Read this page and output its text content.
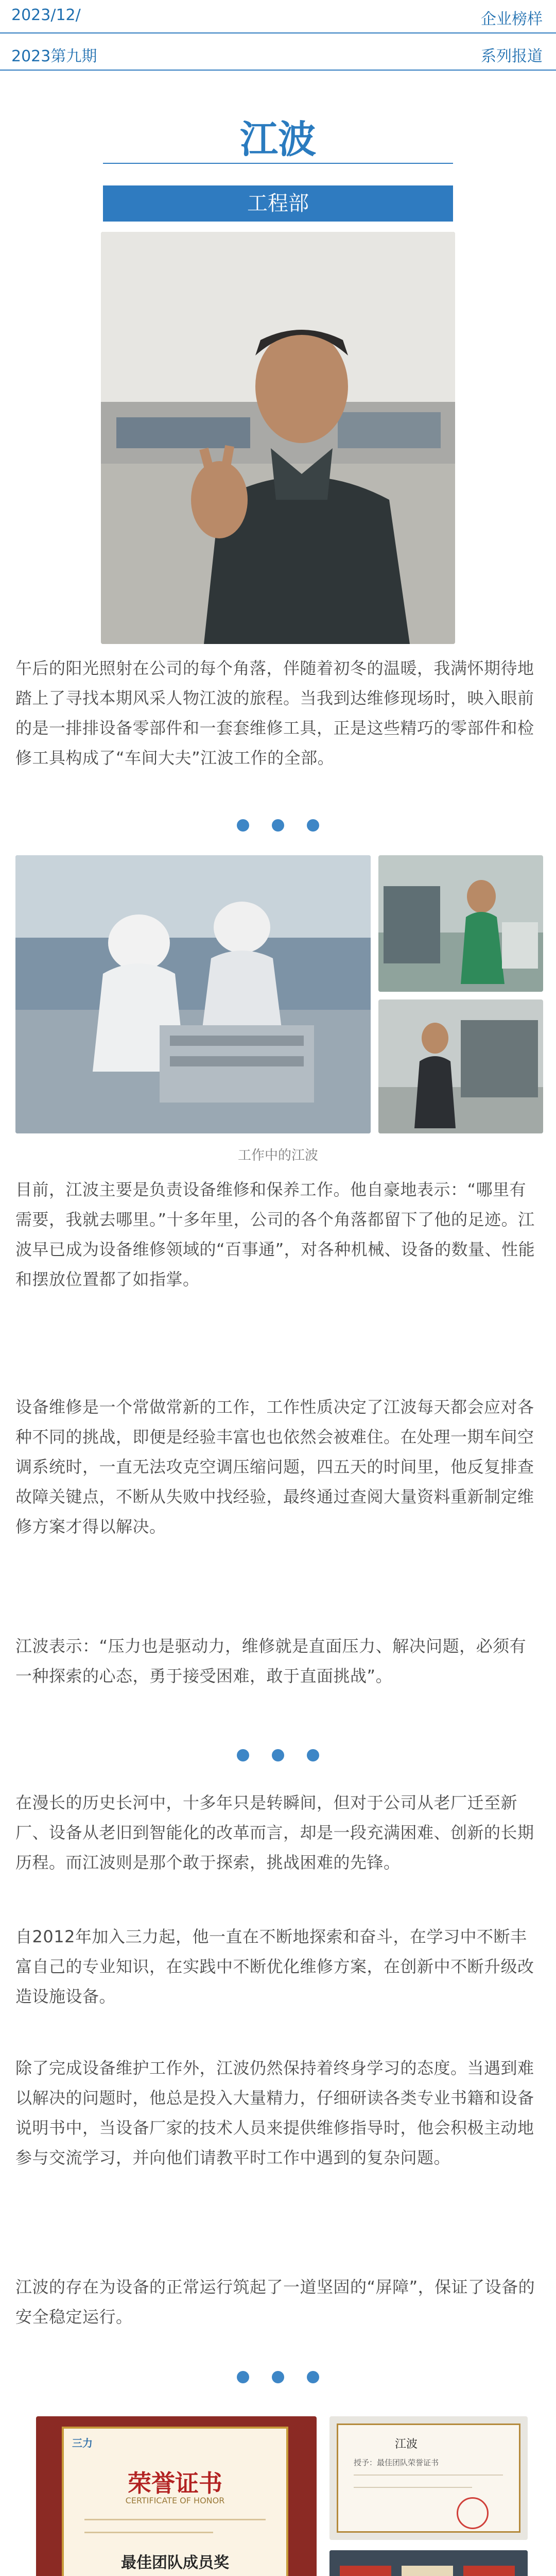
2023/12/
2023第九期
企业榜样
系列报道
江波
工程部
午后的阳光照射在公司的每个角落，伴随着初冬的温暖，我满怀期待地踏上了寻找本期风采人物江波的旅程。当我到达维修现场时，映入眼前的是一排排设备零部件和一套套维修工具，正是这些精巧的零部件和检修工具构成了“车间大夫”江波工作的全部。
工作中的江波
目前，江波主要是负责设备维修和保养工作。他自豪地表示：“哪里有需要，我就去哪里。”十多年里，公司的各个角落都留下了他的足迹。江波早已成为设备维修领域的“百事通”，对各种机械、设备的数量、性能和摆放位置都了如指掌。
设备维修是一个常做常新的工作，工作性质决定了江波每天都会应对各种不同的挑战，即便是经验丰富也也依然会被难住。在处理一期车间空调系统时，一直无法攻克空调压缩问题，四五天的时间里，他反复排查故障关键点，不断从失败中找经验，最终通过查阅大量资料重新制定维修方案才得以解决。
江波表示：“压力也是驱动力，维修就是直面压力、解决问题，必须有一种探索的心态，勇于接受困难，敢于直面挑战”。
在漫长的历史长河中，十多年只是转瞬间，但对于公司从老厂迁至新厂、设备从老旧到智能化的改革而言，却是一段充满困难、创新的长期历程。而江波则是那个敢于探索，挑战困难的先锋。
自2012年加入三力起，他一直在不断地探索和奋斗，在学习中不断丰富自己的专业知识，在实践中不断优化维修方案，在创新中不断升级改造设施设备。
除了完成设备维护工作外，江波仍然保持着终身学习的态度。当遇到难以解决的问题时，他总是投入大量精力，仔细研读各类专业书籍和设备说明书中，当设备厂家的技术人员来提供维修指导时，他会积极主动地参与交流学习，并向他们请教平时工作中遇到的复杂问题。
江波的存在为设备的正常运行筑起了一道坚固的“屏障”，保证了设备的安全稳定运行。
三力
荣誉证书
CERTIFICATE OF HONOR
最佳团队成员奖
江波
授予：最佳团队荣誉证书
